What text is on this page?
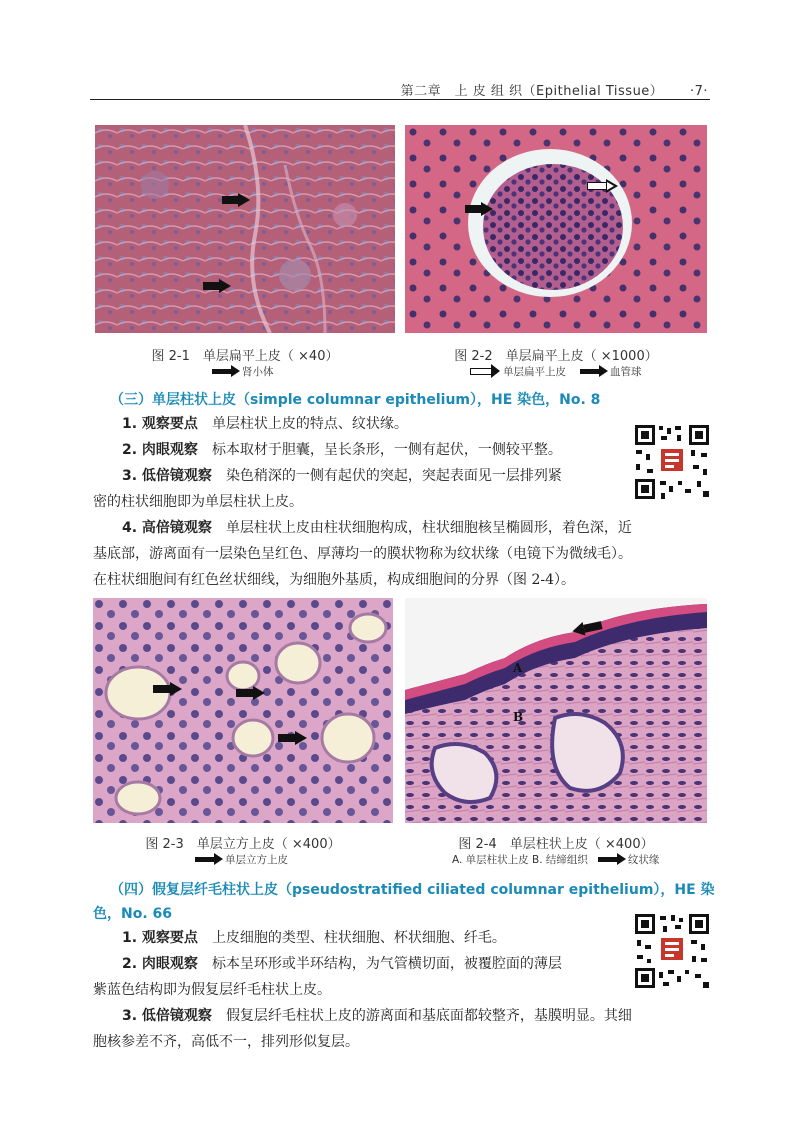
第二章　上 皮 组 织（Epithelial Tissue） ·7·
图 2-1　单层扁平上皮（ ×40）
肾小体
图 2-2　单层扁平上皮（ ×1000）
单层扁平上皮	血管球
（三）单层柱状上皮（simple columnar epithelium），HE 染色，No. 8
1. 观察要点　 单层柱状上皮的特点、纹状缘。
2. 肉眼观察　 标本取材于胆囊，呈长条形，一侧有起伏，一侧较平整。
3. 低倍镜观察　 染色稍深的一侧有起伏的突起，突起表面见一层排列紧
密的柱状细胞即为单层柱状上皮。
4. 高倍镜观察　 单层柱状上皮由柱状细胞构成，柱状细胞核呈椭圆形，着色深，近
基底部，游离面有一层染色呈红色、厚薄均一的膜状物称为纹状缘（电镜下为微绒毛）。
在柱状细胞间有红色丝状细线，为细胞外基质，构成细胞间的分界（图 2-4）。
A
B
图 2-3　单层立方上皮（ ×400）
单层立方上皮
图 2-4　单层柱状上皮（ ×400）
A. 单层柱状上皮 B. 结缔组织	纹状缘
（四）假复层纤毛柱状上皮（pseudostratified ciliated columnar epithelium），HE 染
色，No. 66
1. 观察要点　 上皮细胞的类型、柱状细胞、杯状细胞、纤毛。
2. 肉眼观察　 标本呈环形或半环结构，为气管横切面，被覆腔面的薄层
紫蓝色结构即为假复层纤毛柱状上皮。
3. 低倍镜观察　 假复层纤毛柱状上皮的游离面和基底面都较整齐，基膜明显。其细
胞核参差不齐，高低不一，排列形似复层。
